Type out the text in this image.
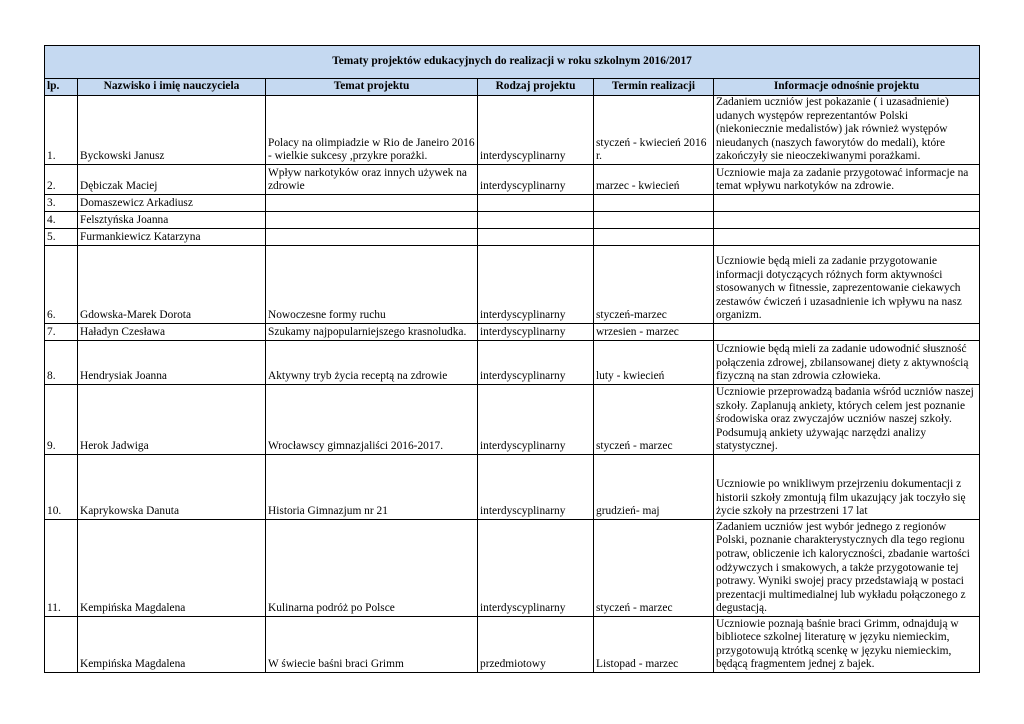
Tematy projektów edukacyjnych do realizacji w roku szkolnym 2016/2017					
lp.	Nazwisko i imię nauczyciela	Temat projektu	Rodzaj projektu	Termin realizacji	Informacje odnośnie projektu
1.	Byckowski Janusz	Polacy na olimpiadzie w Rio de Janeiro 2016 - wielkie sukcesy ,przykre porażki.	interdyscyplinarny	styczeń - kwiecień 2016 r.	Zadaniem uczniów jest pokazanie ( i uzasadnienie) udanych występów reprezentantów Polski (niekoniecznie medalistów) jak również występów nieudanych (naszych faworytów do medali), które zakończyły sie nieoczekiwanymi porażkami.
2.	Dębiczak Maciej	Wpływ narkotyków oraz innych używek na zdrowie	interdyscyplinarny	marzec - kwiecień	Uczniowie maja za zadanie przygotować informacje na temat wpływu narkotyków na zdrowie.
3.	Domaszewicz Arkadiusz				
4.	Felsztyńska Joanna				
5.	Furmankiewicz Katarzyna				
6.	Gdowska-Marek Dorota	Nowoczesne formy ruchu	interdyscyplinarny	styczeń-marzec	Uczniowie będą mieli za zadanie przygotowanie informacji dotyczących różnych form aktywności stosowanych w fitnessie, zaprezentowanie ciekawych zestawów ćwiczeń i uzasadnienie ich wpływu na nasz organizm.
7.	Haładyn Czesława	Szukamy najpopularniejszego krasnoludka.	interdyscyplinarny	wrzesien - marzec	
8.	Hendrysiak Joanna	Aktywny tryb życia receptą na zdrowie	interdyscyplinarny	luty - kwiecień	Uczniowie będą mieli za zadanie udowodnić słuszność połączenia zdrowej, zbilansowanej diety z aktywnością fizyczną na stan zdrowia człowieka.
9.	Herok Jadwiga	Wrocławscy gimnazjaliści 2016-2017.	interdyscyplinarny	styczeń - marzec	Uczniowie przeprowadzą badania wśród uczniów naszej szkoły. Zaplanują ankiety, których celem jest poznanie środowiska oraz zwyczajów uczniów naszej szkoły. Podsumują ankiety używając narzędzi analizy statystycznej.
10.	Kaprykowska Danuta	Historia Gimnazjum nr 21	interdyscyplinarny	grudzień- maj	Uczniowie po wnikliwym przejrzeniu dokumentacji z historii szkoły zmontują film ukazujący jak toczyło się życie szkoły na przestrzeni 17 lat
11.	Kempińska Magdalena	Kulinarna podróż po Polsce	interdyscyplinarny	styczeń - marzec	Zadaniem uczniów jest wybór jednego z regionów Polski, poznanie charakterystycznych dla tego regionu potraw, obliczenie ich kaloryczności, zbadanie wartości odżywczych i smakowych, a także przygotowanie tej potrawy. Wyniki swojej pracy przedstawiają w postaci prezentacji multimedialnej lub wykładu połączonego z degustacją.
	Kempińska Magdalena	W świecie baśni braci Grimm	przedmiotowy	Listopad - marzec	Uczniowie poznają baśnie braci Grimm, odnajdują w bibliotece szkolnej literaturę w języku niemieckim, przygotowują ktrótką scenkę w języku niemieckim, będącą fragmentem jednej z bajek.
